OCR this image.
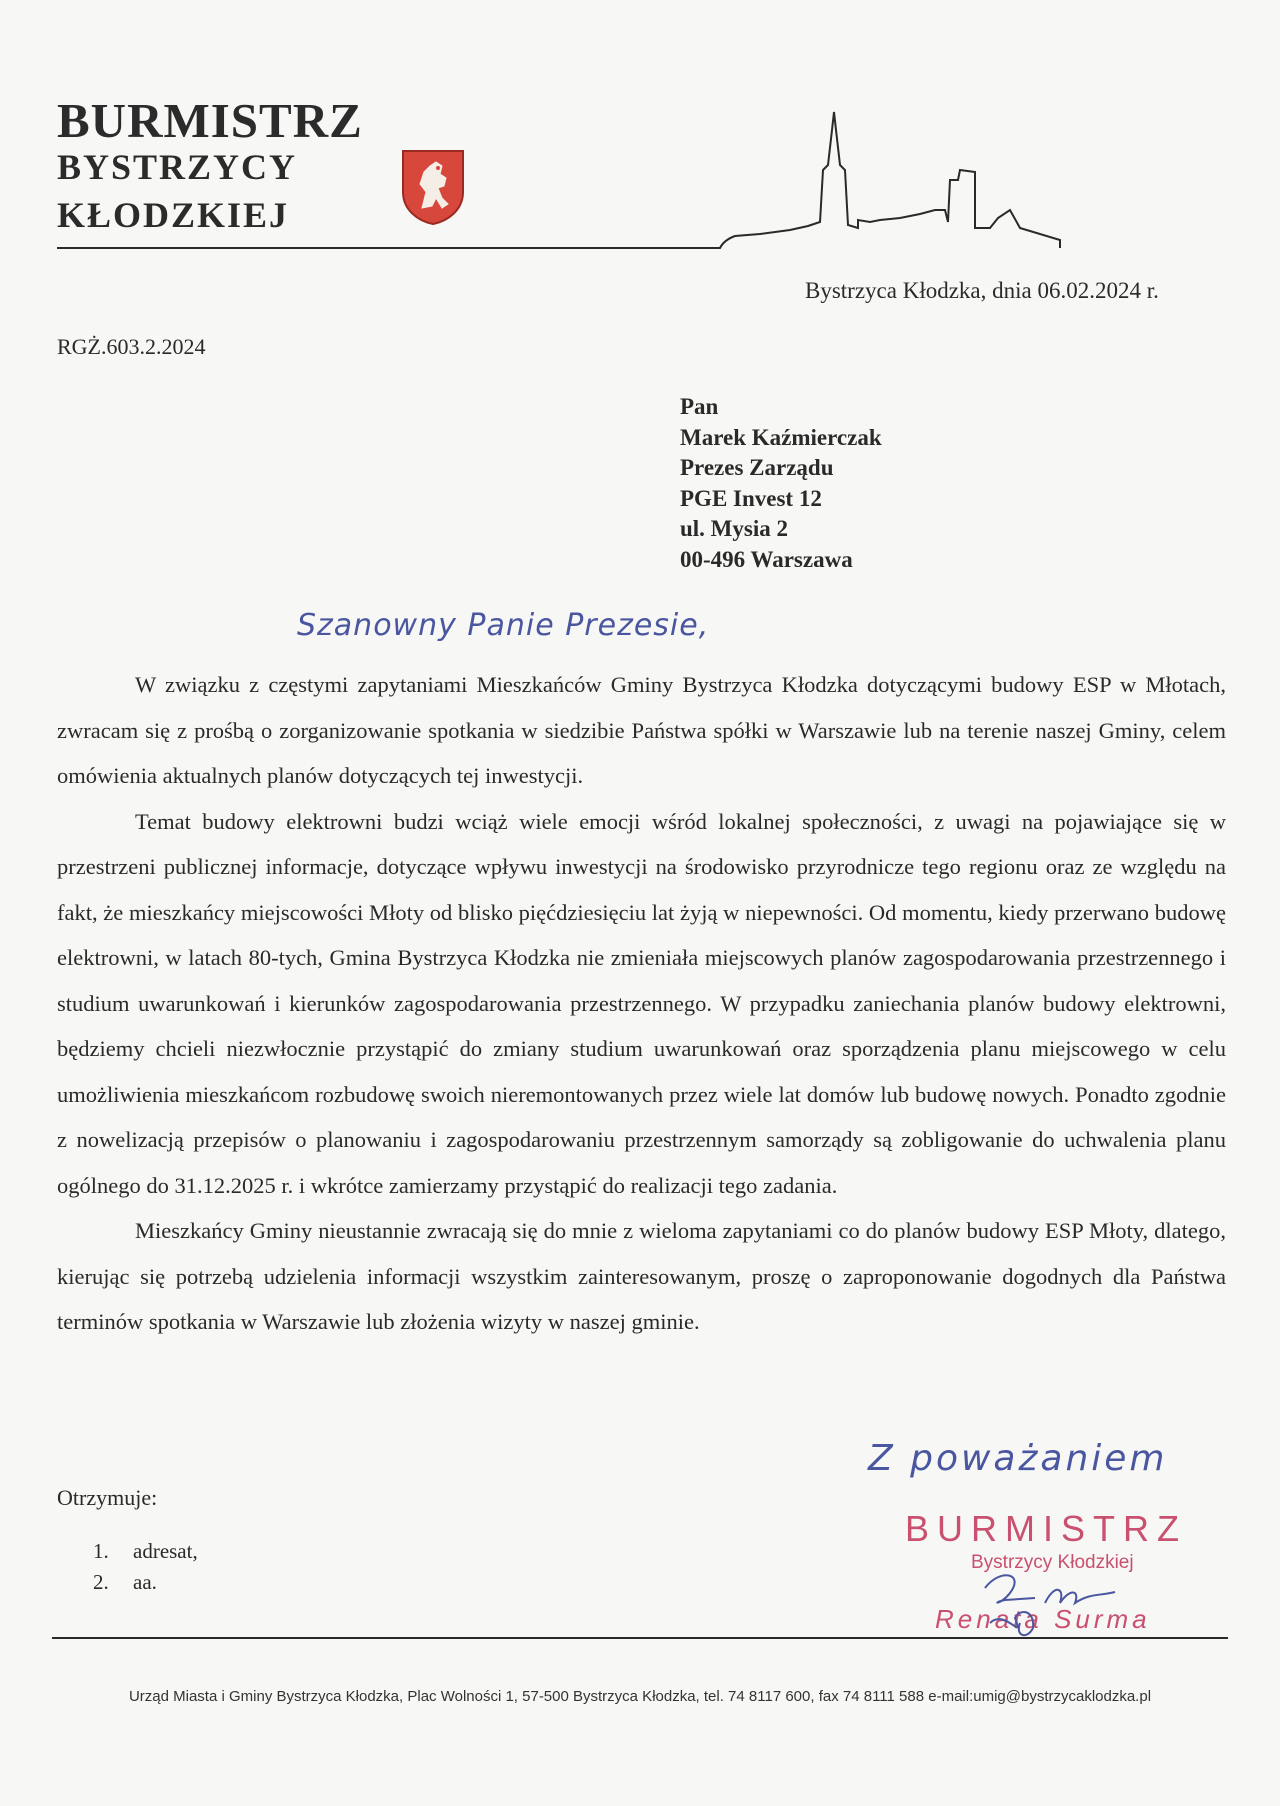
BURMISTRZ
BYSTRZYCY
KŁODZKIEJ
Bystrzyca Kłodzka, dnia 06.02.2024 r.
RGŻ.603.2.2024
Pan
Marek Kaźmierczak
Prezes Zarządu
PGE Invest 12
ul. Mysia 2
00-496 Warszawa
Szanowny Panie Prezesie,

W związku z częstymi zapytaniami Mieszkańców Gminy Bystrzyca Kłodzka dotyczącymi budowy ESP w Młotach, zwracam się z prośbą o zorganizowanie spotkania w siedzibie Państwa spółki w Warszawie lub na terenie naszej Gminy, celem omówienia aktualnych planów dotyczących tej inwestycji.

Temat budowy elektrowni budzi wciąż wiele emocji wśród lokalnej społeczności, z uwagi na pojawiające się w przestrzeni publicznej informacje, dotyczące wpływu inwestycji na środowisko przyrodnicze tego regionu oraz ze względu na fakt, że mieszkańcy miejscowości Młoty od blisko pięćdziesięciu lat żyją w niepewności. Od momentu, kiedy przerwano budowę elektrowni, w latach 80-tych, Gmina Bystrzyca Kłodzka nie zmieniała miejscowych planów zagospodarowania przestrzennego i studium uwarunkowań i kierunków zagospodarowania przestrzennego. W przypadku zaniechania planów budowy elektrowni, będziemy chcieli niezwłocznie przystąpić do zmiany studium uwarunkowań oraz sporządzenia planu miejscowego w celu umożliwienia mieszkańcom rozbudowę swoich nieremontowanych przez wiele lat domów lub budowę nowych. Ponadto zgodnie z nowelizacją przepisów o planowaniu i zagospodarowaniu przestrzennym samorządy są zobligowanie do uchwalenia planu ogólnego do 31.12.2025 r. i wkrótce zamierzamy przystąpić do realizacji tego zadania.

Mieszkańcy Gminy nieustannie zwracają się do mnie z wieloma zapytaniami co do planów budowy ESP Młoty, dlatego, kierując się potrzebą udzielenia informacji wszystkim zainteresowanym, proszę o zaproponowanie dogodnych dla Państwa terminów spotkania w Warszawie lub złożenia wizyty w naszej gminie.

Z poważaniem
Otrzymuje:
1. adresat,
2. aa.
BURMISTRZ
Bystrzycy Kłodzkiej
Renata Surma
Urząd Miasta i Gminy Bystrzyca Kłodzka, Plac Wolności 1, 57-500 Bystrzyca Kłodzka, tel. 74 8117 600, fax 74 8111 588 e-mail:umig@bystrzycaklodzka.pl
